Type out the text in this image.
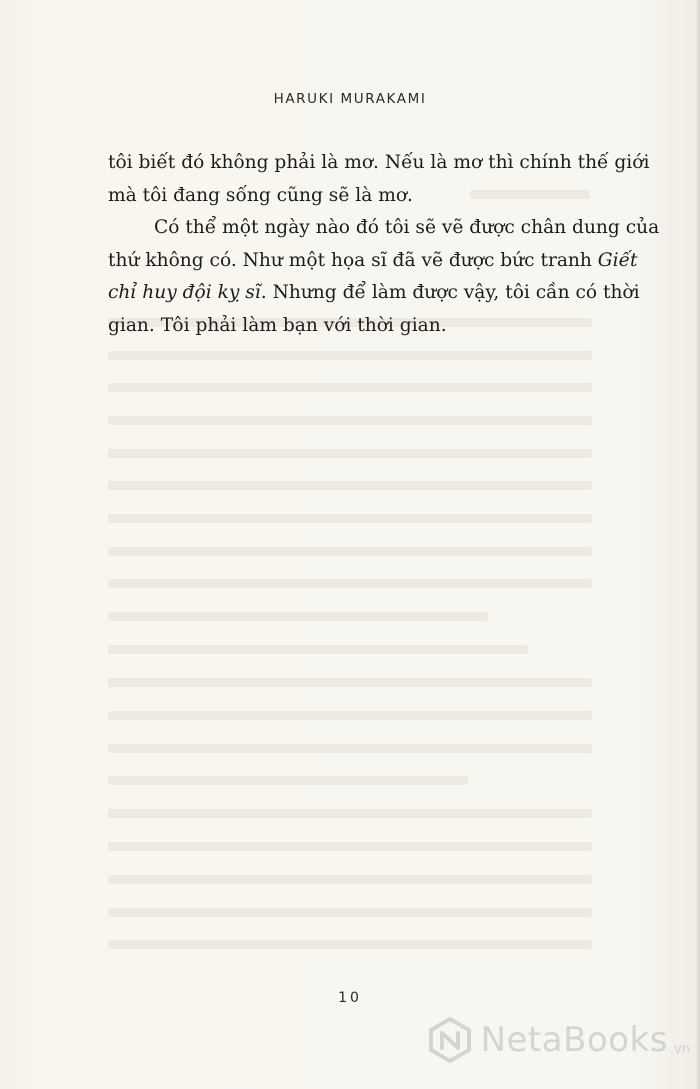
HARUKI MURAKAMI

tôi biết đó không phải là mơ. Nếu là mơ thì chính thế giới
mà tôi đang sống cũng sẽ là mơ.

Có thể một ngày nào đó tôi sẽ vẽ được chân dung của
thứ không có. Như một họa sĩ đã vẽ được bức tranh Giết
chỉ huy đội kỵ sĩ. Nhưng để làm được vậy, tôi cần có thời
gian. Tôi phải làm bạn với thời gian.

10
NetaBooks .vn
